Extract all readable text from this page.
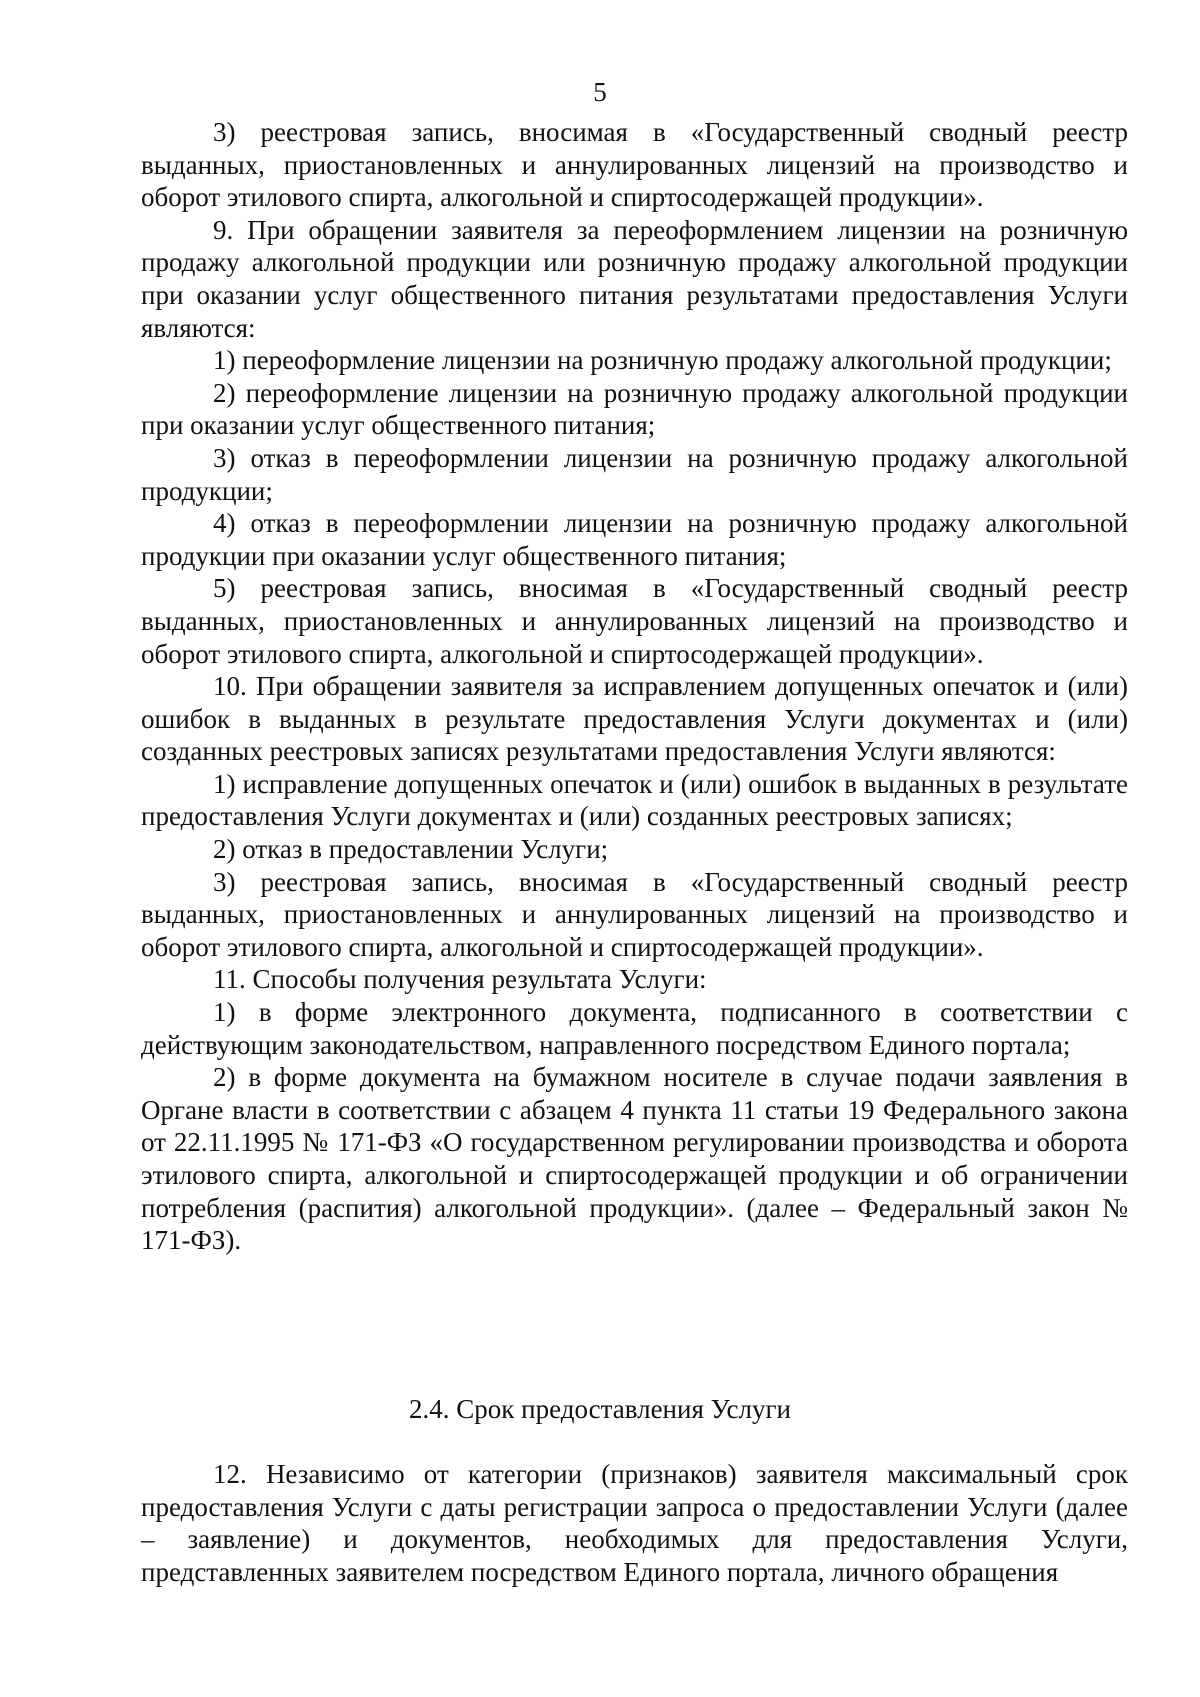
5

3) реестровая запись, вносимая в «Государственный сводный реестр выданных, приостановленных и аннулированных лицензий на производство и оборот этилового спирта, алкогольной и спиртосодержащей продукции».

9. При обращении заявителя за переоформлением лицензии на розничную продажу алкогольной продукции или розничную продажу алкогольной продукции при оказании услуг общественного питания результатами предоставления Услуги являются:

1) переоформление лицензии на розничную продажу алкогольной продукции;

2) переоформление лицензии на розничную продажу алкогольной продукции при оказании услуг общественного питания;

3) отказ в переоформлении лицензии на розничную продажу алкогольной продукции;

4) отказ в переоформлении лицензии на розничную продажу алкогольной продукции при оказании услуг общественного питания;

5) реестровая запись, вносимая в «Государственный сводный реестр выданных, приостановленных и аннулированных лицензий на производство и оборот этилового спирта, алкогольной и спиртосодержащей продукции».

10. При обращении заявителя за исправлением допущенных опечаток и (или) ошибок в выданных в результате предоставления Услуги документах и (или) созданных реестровых записях результатами предоставления Услуги являются:

1) исправление допущенных опечаток и (или) ошибок в выданных в результате предоставления Услуги документах и (или) созданных реестровых записях;

2) отказ в предоставлении Услуги;

3) реестровая запись, вносимая в «Государственный сводный реестр выданных, приостановленных и аннулированных лицензий на производство и оборот этилового спирта, алкогольной и спиртосодержащей продукции».

11. Способы получения результата Услуги:

1) в форме электронного документа, подписанного в соответствии с действующим законодательством, направленного посредством Единого портала;

2) в форме документа на бумажном носителе в случае подачи заявления в Органе власти в соответствии с абзацем 4 пункта 11 статьи 19 Федерального закона от 22.11.1995 № 171-ФЗ «О государственном регулировании производства и оборота этилового спирта, алкогольной и спиртосодержащей продукции и об ограничении потребления (распития) алкогольной продукции». (далее – Федеральный закон № 171-ФЗ).

2.4. Срок предоставления Услуги

12. Независимо от категории (признаков) заявителя максимальный срок предоставления Услуги с даты регистрации запроса о предоставлении Услуги (далее – заявление) и документов, необходимых для предоставления Услуги, представленных заявителем посредством Единого портала, личного обращения
